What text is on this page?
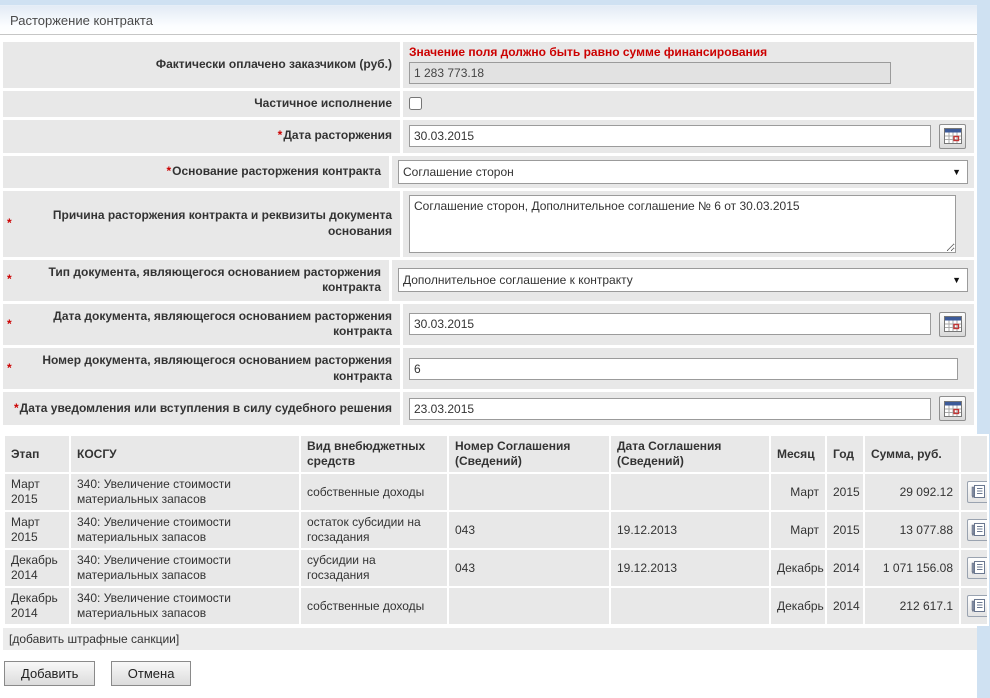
Расторжение контракта
Фактически оплачено заказчиком (руб.)
Значение поля должно быть равно сумме финансирования
1 283 773.18
Частичное исполнение
* Дата расторжения
30.03.2015
* Основание расторжения контракта
Соглашение сторон	▼
*
Причина расторжения контракта и реквизиты документа основания
Соглашение сторон, Дополнительное соглашение № 6 от 30.03.2015
*
Тип документа, являющегося основанием расторжения контракта
Дополнительное соглашение к контракту	▼
*
Дата документа, являющегося основанием расторжения контракта
30.03.2015
*
Номер документа, являющегося основанием расторжения контракта
6
* Дата уведомления или вступления в силу судебного решения
23.03.2015
Этап	КОСГУ	Вид внебюджетных средств	Номер Соглашения (Сведений)	Дата Соглашения (Сведений)	Месяц	Год	Сумма, руб.	
Март 2015	340: Увеличение стоимости материальных запасов	собственные доходы			Март	2015	29 092.12	

Март 2015	340: Увеличение стоимости материальных запасов	остаток субсидии на госзадания	043	19.12.2013	Март	2015	13 077.88	

Декабрь 2014	340: Увеличение стоимости материальных запасов	субсидии на госзадания	043	19.12.2013	Декабрь	2014	1 071 156.08	

Декабрь 2014	340: Увеличение стоимости материальных запасов	собственные доходы			Декабрь	2014	212 617.1	
[добавить штрафные санкции]
Добавить	Отмена
